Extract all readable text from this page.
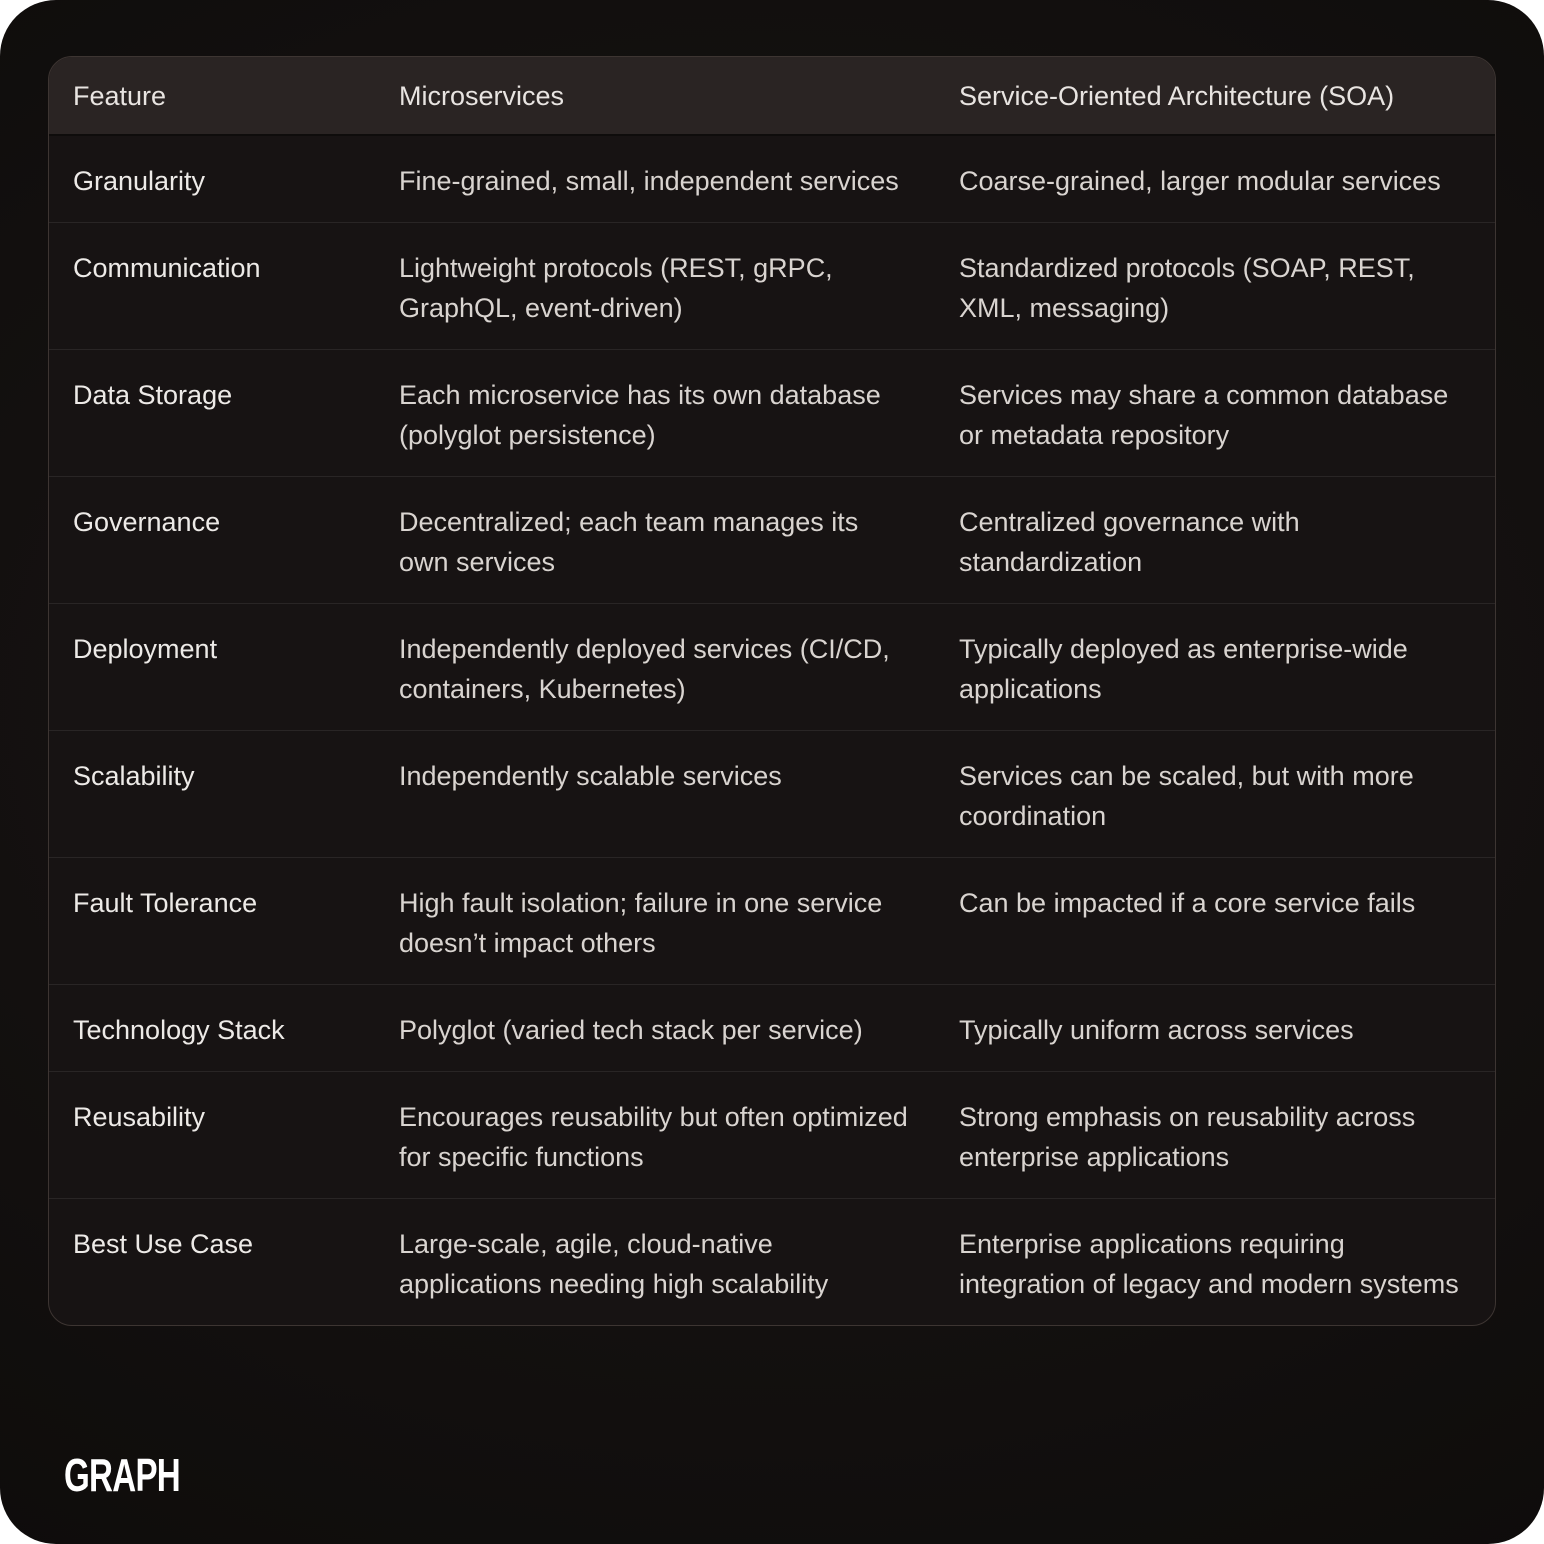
Feature	Microservices	Service-Oriented Architecture (SOA)
Granularity	Fine-grained, small, independent services	Coarse-grained, larger modular services
Communication	Lightweight protocols (REST, gRPC, GraphQL, event-driven)	Standardized protocols (SOAP, REST, XML, messaging)
Data Storage	Each microservice has its own database (polyglot persistence)	Services may share a common database or metadata repository
Governance	Decentralized; each team manages its own services	Centralized governance with standardization
Deployment	Independently deployed services (CI/CD, containers, Kubernetes)	Typically deployed as enterprise-wide applications
Scalability	Independently scalable services	Services can be scaled, but with more coordination
Fault Tolerance	High fault isolation; failure in one service doesn’t impact others	Can be impacted if a core service fails
Technology Stack	Polyglot (varied tech stack per service)	Typically uniform across services
Reusability	Encourages reusability but often optimized for specific functions	Strong emphasis on reusability across enterprise applications
Best Use Case	Large-scale, agile, cloud-native applications needing high scalability	Enterprise applications requiring integration of legacy and modern systems
GRAPH
